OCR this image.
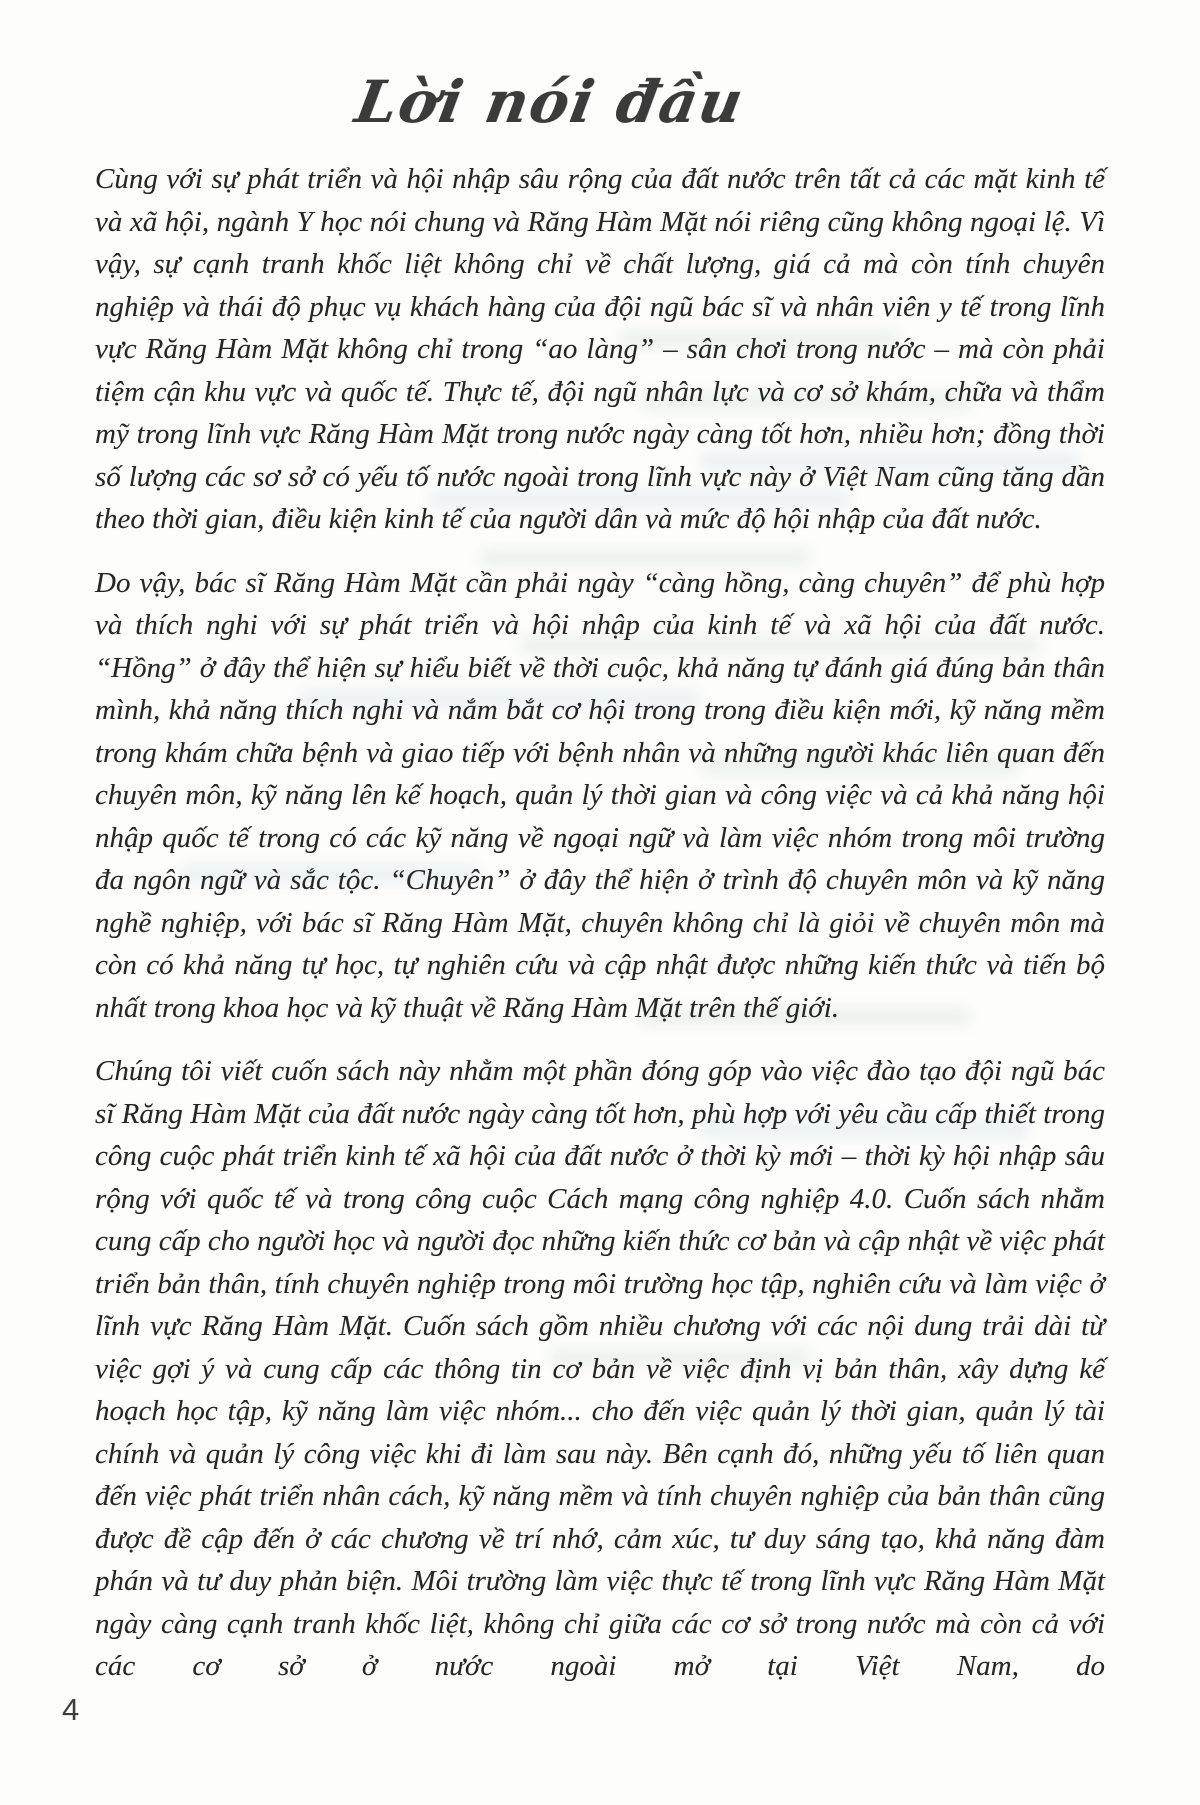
Lời nói đầu

Cùng với sự phát triển và hội nhập sâu rộng của đất nước trên tất cả các mặt kinh tế và xã hội, ngành Y học nói chung và Răng Hàm Mặt nói riêng cũng không ngoại lệ. Vì vậy, sự cạnh tranh khốc liệt không chỉ về chất lượng, giá cả mà còn tính chuyên nghiệp và thái độ phục vụ khách hàng của đội ngũ bác sĩ và nhân viên y tế trong lĩnh vực Răng Hàm Mặt không chỉ trong “ao làng” – sân chơi trong nước – mà còn phải tiệm cận khu vực và quốc tế. Thực tế, đội ngũ nhân lực và cơ sở khám, chữa và thẩm mỹ trong lĩnh vực Răng Hàm Mặt trong nước ngày càng tốt hơn, nhiều hơn; đồng thời số lượng các sơ sở có yếu tố nước ngoài trong lĩnh vực này ở Việt Nam cũng tăng dần theo thời gian, điều kiện kinh tế của người dân và mức độ hội nhập của đất nước.

Do vậy, bác sĩ Răng Hàm Mặt cần phải ngày “càng hồng, càng chuyên” để phù hợp và thích nghi với sự phát triển và hội nhập của kinh tế và xã hội của đất nước. “Hồng” ở đây thể hiện sự hiểu biết về thời cuộc, khả năng tự đánh giá đúng bản thân mình, khả năng thích nghi và nắm bắt cơ hội trong trong điều kiện mới, kỹ năng mềm trong khám chữa bệnh và giao tiếp với bệnh nhân và những người khác liên quan đến chuyên môn, kỹ năng lên kế hoạch, quản lý thời gian và công việc và cả khả năng hội nhập quốc tế trong có các kỹ năng về ngoại ngữ và làm việc nhóm trong môi trường đa ngôn ngữ và sắc tộc. “Chuyên” ở đây thể hiện ở trình độ chuyên môn và kỹ năng nghề nghiệp, với bác sĩ Răng Hàm Mặt, chuyên không chỉ là giỏi về chuyên môn mà còn có khả năng tự học, tự nghiên cứu và cập nhật được những kiến thức và tiến bộ nhất trong khoa học và kỹ thuật về Răng Hàm Mặt trên thế giới.

Chúng tôi viết cuốn sách này nhằm một phần đóng góp vào việc đào tạo đội ngũ bác sĩ Răng Hàm Mặt của đất nước ngày càng tốt hơn, phù hợp với yêu cầu cấp thiết trong công cuộc phát triển kinh tế xã hội của đất nước ở thời kỳ mới – thời kỳ hội nhập sâu rộng với quốc tế và trong công cuộc Cách mạng công nghiệp 4.0. Cuốn sách nhằm cung cấp cho người học và người đọc những kiến thức cơ bản và cập nhật về việc phát triển bản thân, tính chuyên nghiệp trong môi trường học tập, nghiên cứu và làm việc ở lĩnh vực Răng Hàm Mặt. Cuốn sách gồm nhiều chương với các nội dung trải dài từ việc gợi ý và cung cấp các thông tin cơ bản về việc định vị bản thân, xây dựng kế hoạch học tập, kỹ năng làm việc nhóm... cho đến việc quản lý thời gian, quản lý tài chính và quản lý công việc khi đi làm sau này. Bên cạnh đó, những yếu tố liên quan đến việc phát triển nhân cách, kỹ năng mềm và tính chuyên nghiệp của bản thân cũng được đề cập đến ở các chương về trí nhớ, cảm xúc, tư duy sáng tạo, khả năng đàm phán và tư duy phản biện. Môi trường làm việc thực tế trong lĩnh vực Răng Hàm Mặt ngày càng cạnh tranh khốc liệt, không chỉ giữa các cơ sở trong nước mà còn cả với các cơ sở ở nước ngoài mở tại Việt Nam, do

4
